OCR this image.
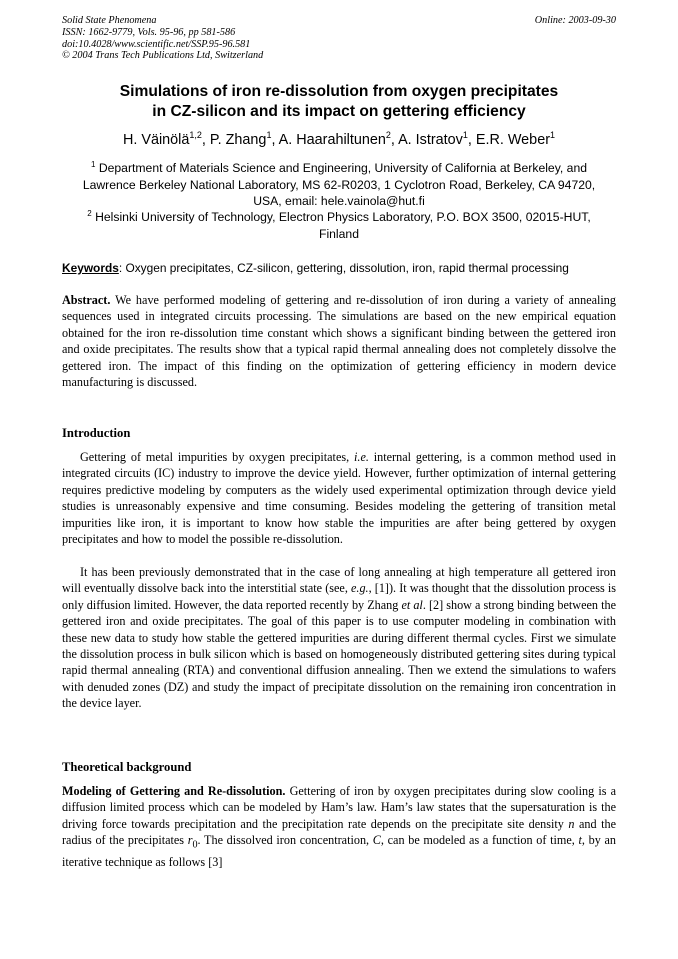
Solid State Phenomena
ISSN: 1662-9779, Vols. 95-96, pp 581-586
doi:10.4028/www.scientific.net/SSP.95-96.581
© 2004 Trans Tech Publications Ltd, Switzerland
Online: 2003-09-30
Simulations of iron re-dissolution from oxygen precipitates
in CZ-silicon and its impact on gettering efficiency
H. Väinölä$^{1,2}$, P. Zhang$^1$, A. Haarahiltunen$^2$, A. Istratov$^1$, E.R. Weber$^1$
$^1$ Department of Materials Science and Engineering, University of California at Berkeley, and
Lawrence Berkeley National Laboratory, MS 62-R0203, 1 Cyclotron Road, Berkeley, CA 94720,
USA, email: hele.vainola@hut.fi
$^2$ Helsinki University of Technology, Electron Physics Laboratory, P.O. BOX 3500, 02015-HUT,
Finland
Keywords: Oxygen precipitates, CZ-silicon, gettering, dissolution, iron, rapid thermal processing
Abstract. We have performed modeling of gettering and re-dissolution of iron during a variety of annealing sequences used in integrated circuits processing. The simulations are based on the new empirical equation obtained for the iron re-dissolution time constant which shows a significant binding between the gettered iron and oxide precipitates. The results show that a typical rapid thermal annealing does not completely dissolve the gettered iron. The impact of this finding on the optimization of gettering efficiency in modern device manufacturing is discussed.
Introduction
Gettering of metal impurities by oxygen precipitates, i.e. internal gettering, is a common method used in integrated circuits (IC) industry to improve the device yield. However, further optimization of internal gettering requires predictive modeling by computers as the widely used experimental optimization through device yield studies is unreasonably expensive and time consuming. Besides modeling the gettering of transition metal impurities like iron, it is important to know how stable the impurities are after being gettered by oxygen precipitates and how to model the possible re-dissolution.
It has been previously demonstrated that in the case of long annealing at high temperature all gettered iron will eventually dissolve back into the interstitial state (see, e.g., [1]). It was thought that the dissolution process is only diffusion limited. However, the data reported recently by Zhang et al. [2] show a strong binding between the gettered iron and oxide precipitates. The goal of this paper is to use computer modeling in combination with these new data to study how stable the gettered impurities are during different thermal cycles. First we simulate the dissolution process in bulk silicon which is based on homogeneously distributed gettering sites during typical rapid thermal annealing (RTA) and conventional diffusion annealing. Then we extend the simulations to wafers with denuded zones (DZ) and study the impact of precipitate dissolution on the remaining iron concentration in the device layer.
Theoretical background
Modeling of Gettering and Re-dissolution. Gettering of iron by oxygen precipitates during slow cooling is a diffusion limited process which can be modeled by Ham’s law. Ham’s law states that the supersaturation is the driving force towards precipitation and the precipitation rate depends on the precipitate site density n and the radius of the precipitates $r_0$. The dissolved iron concentration, C, can be modeled as a function of time, t, by an iterative technique as follows [3]
